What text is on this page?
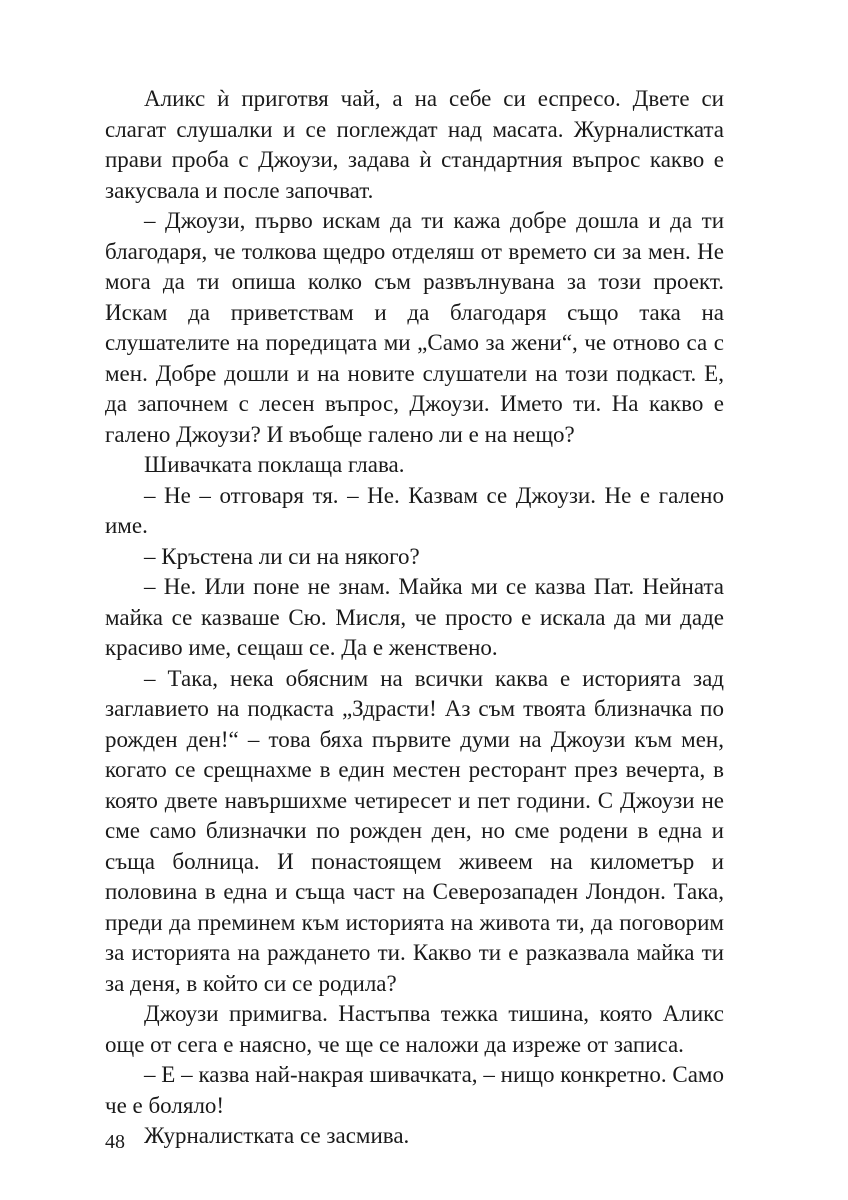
Аликс ѝ приготвя чай, а на себе си еспресо. Двете си слагат слушалки и се поглеждат над масата. Журналистката прави проба с Джоузи, задава ѝ стандартния въпрос какво е закусвала и после започват.

– Джоузи, първо искам да ти кажа добре дошла и да ти благодаря, че толкова щедро отделяш от времето си за мен. Не мога да ти опиша колко съм развълнувана за този проект. Искам да приветствам и да благодаря също така на слушателите на поредицата ми „Само за жени“, че отново са с мен. Добре дошли и на новите слушатели на този подкаст. Е, да започнем с лесен въпрос, Джоузи. Името ти. На какво е галено Джоузи? И въобще галено ли е на нещо?

Шивачката поклаща глава.

– Не – отговаря тя. – Не. Казвам се Джоузи. Не е галено име.

– Кръстена ли си на някого?

– Не. Или поне не знам. Майка ми се казва Пат. Нейната майка се казваше Сю. Мисля, че просто е искала да ми даде красиво име, сещаш се. Да е женствено.

– Така, нека обясним на всички каква е историята зад заглавието на подкаста „Здрасти! Аз съм твоята близначка по рожден ден!“ – това бяха първите думи на Джоузи към мен, когато се срещнахме в един местен ресторант през вечерта, в която двете навършихме четиресет и пет години. С Джоузи не сме само близначки по рожден ден, но сме родени в една и съща болница. И понастоящем живеем на километър и половина в една и съща част на Северозападен Лондон. Така, преди да преминем към историята на живота ти, да поговорим за историята на раждането ти. Какво ти е разказвала майка ти за деня, в който си се родила?

Джоузи примигва. Настъпва тежка тишина, която Аликс още от сега е наясно, че ще се наложи да изреже от записа.

– Е – казва най-накрая шивачката, – нищо конкретно. Само че е боляло!

Журналистката се засмива.

48
